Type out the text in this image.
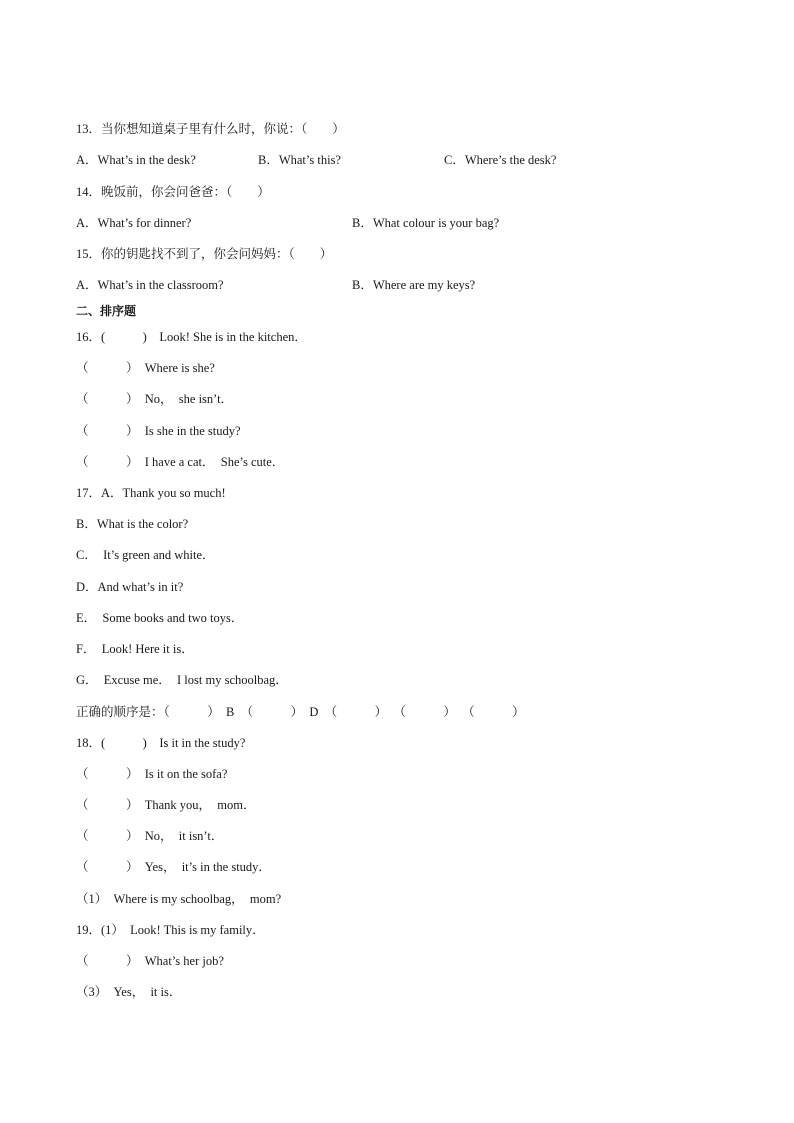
13．当你想知道桌子里有什么时，你说：（　　）
A．What’s in the desk?	B．What’s this?	C．Where’s the desk?
14．晚饭前，你会问爸爸：（　　）
A．What’s for dinner?	B．What colour is your bag?
15．你的钥匙找不到了，你会问妈妈：（　　）
A．What’s in the classroom?	B．Where are my keys?
二、排序题
16．(　　　)　Look! She is in the kitchen．
（　　　）　Where is she?
（　　　）　No，  she isn’t．
（　　　）　Is she in the study?
（　　　）　I have a cat．  She’s cute．
17．A．Thank you so much!
B．What is the color?
C．  It’s green and white．
D．And what’s in it?
E．  Some books and two toys．
F．  Look! Here it is．
G．  Excuse me．  I lost my schoolbag．
正确的顺序是：（　　　）  B  （　　　）  D  （　　　）  （　　　）  （　　　）
18．(　　　)　Is it in the study?
（　　　）　Is it on the sofa?
（　　　）　Thank you，  mom．
（　　　）　No，  it isn’t．
（　　　）　Yes，  it’s in the study．
（1）　Where is my schoolbag，  mom?
19．(1）　Look! This is my family．
（　　　）　What’s her job?
（3）　Yes，  it is．
